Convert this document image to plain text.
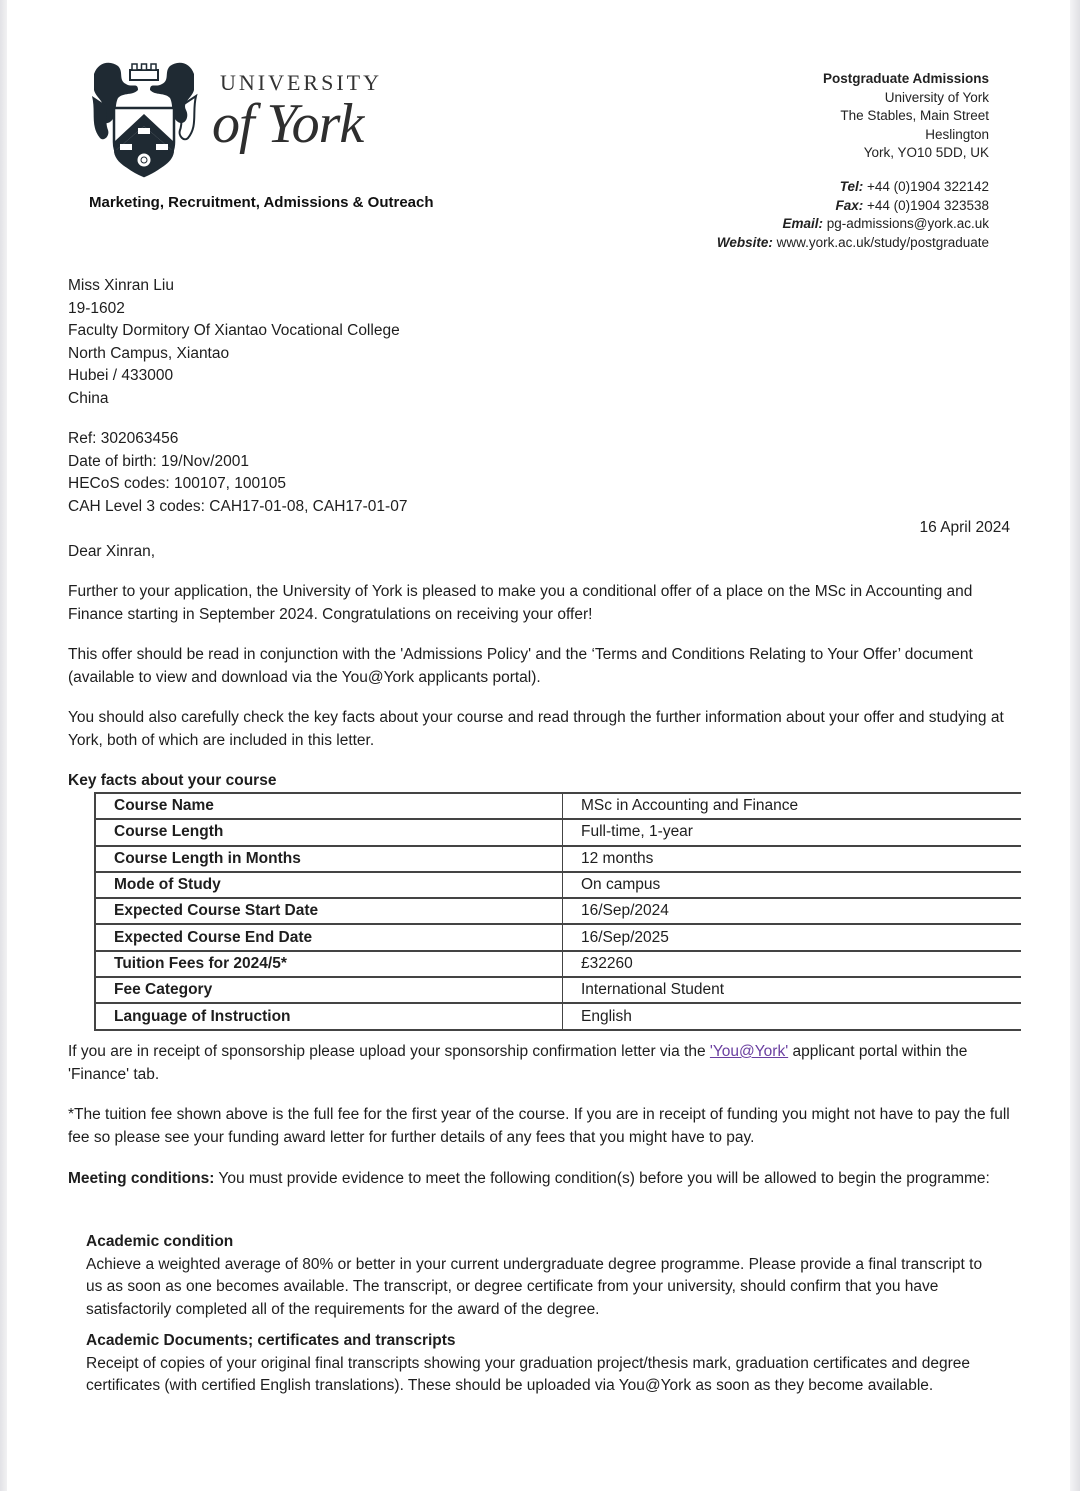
UNIVERSITY
of York
Marketing, Recruitment, Admissions & Outreach
Postgraduate Admissions
University of York
The Stables, Main Street
Heslington
York, YO10 5DD, UK
Tel: +44 (0)1904 322142
Fax: +44 (0)1904 323538
Email: pg-admissions@york.ac.uk
Website: www.york.ac.uk/study/postgraduate
Miss Xinran Liu
19-1602
Faculty Dormitory Of Xiantao Vocational College
North Campus, Xiantao
Hubei / 433000
China
Ref: 302063456
Date of birth: 19/Nov/2001
HECoS codes: 100107, 100105
CAH Level 3 codes: CAH17-01-08, CAH17-01-07
16 April 2024
Dear Xinran,
Further to your application, the University of York is pleased to make you a conditional offer of a place on the MSc in Accounting and Finance starting in September 2024. Congratulations on receiving your offer!
This offer should be read in conjunction with the 'Admissions Policy' and the ‘Terms and Conditions Relating to Your Offer’ document (available to view and download via the You@York applicants portal).
You should also carefully check the key facts about your course and read through the further information about your offer and studying at York, both of which are included in this letter.
Key facts about your course
Course Name	MSc in Accounting and Finance
Course Length	Full-time, 1-year
Course Length in Months	12 months
Mode of Study	On campus
Expected Course Start Date	16/Sep/2024
Expected Course End Date	16/Sep/2025
Tuition Fees for 2024/5*	£32260
Fee Category	International Student
Language of Instruction	English
If you are in receipt of sponsorship please upload your sponsorship confirmation letter via the 'You@York' applicant portal within the 'Finance' tab.
*The tuition fee shown above is the full fee for the first year of the course. If you are in receipt of funding you might not have to pay the full fee so please see your funding award letter for further details of any fees that you might have to pay.
Meeting conditions: You must provide evidence to meet the following condition(s) before you will be allowed to begin the programme:
Academic condition
Achieve a weighted average of 80% or better in your current undergraduate degree programme. Please provide a final transcript to us as soon as one becomes available. The transcript, or degree certificate from your university, should confirm that you have satisfactorily completed all of the requirements for the award of the degree.
Academic Documents; certificates and transcripts
Receipt of copies of your original final transcripts showing your graduation project/thesis mark, graduation certificates and degree certificates (with certified English translations). These should be uploaded via You@York as soon as they become available.
